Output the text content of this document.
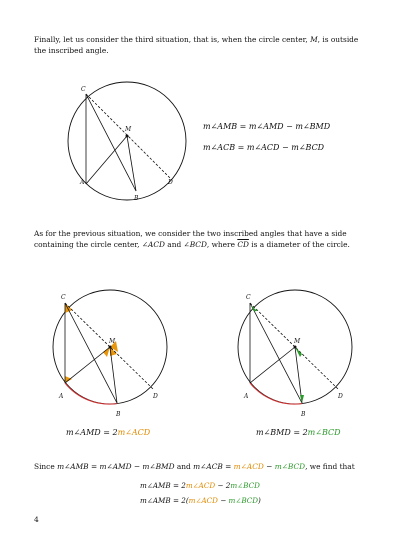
Finally, let us consider the third situation, that is, when the circle center, M, is outside the inscribed angle.
C
M
A
B
D
m∠AMB = m∠AMD − m∠BMD
m∠ACB = m∠ACD − m∠BCD
As for the previous situation, we consider the two inscribed angles that have a side containing the circle center, ∠ACD and ∠BCD, where $\overline{CD}$ is a diameter of the circle.
C
M
A
B
D
m∠AMD = 2m∠ACD
C
M
A
B
D
m∠BMD = 2m∠BCD
Since m∠AMB = m∠AMD − m∠BMD and m∠ACB = m∠ACD − m∠BCD, we find that
m∠AMB = 2m∠ACD − 2m∠BCD
m∠AMB = 2(m∠ACD − m∠BCD)
4
